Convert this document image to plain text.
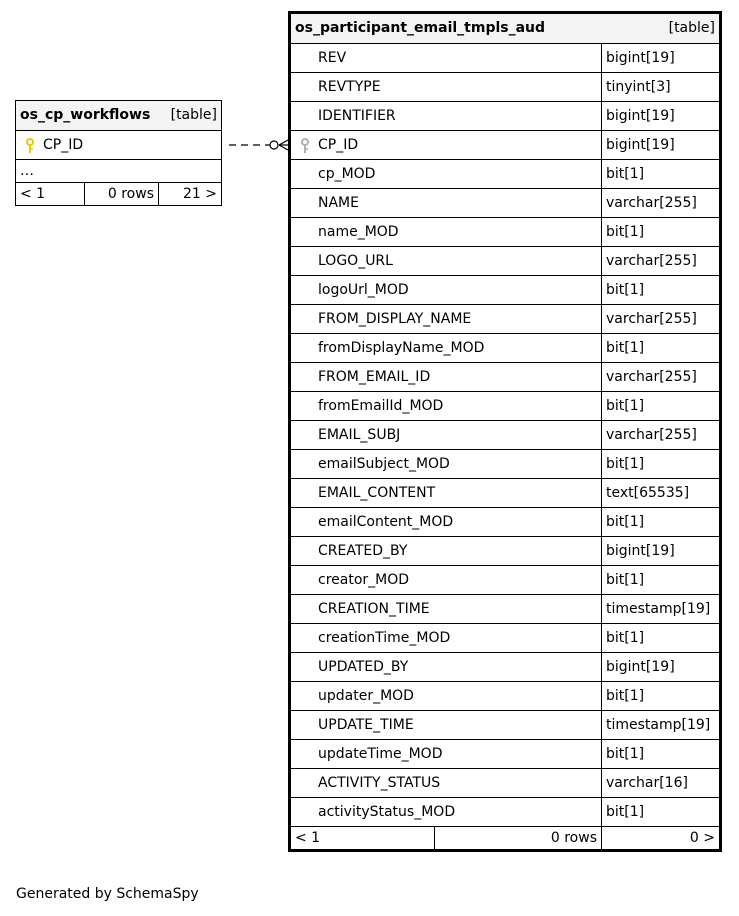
os_cp_workflows [table]

CP_ID
…
< 1	0 rows	21 >
os_participant_email_tmpls_aud [table]		

REV		bigint[19]
REVTYPE		tinyint[3]
IDENTIFIER		bigint[19]

CP_ID		bigint[19]
cp_MOD		bit[1]
NAME		varchar[255]
name_MOD		bit[1]
LOGO_URL		varchar[255]
logoUrl_MOD		bit[1]
FROM_DISPLAY_NAME		varchar[255]
fromDisplayName_MOD		bit[1]
FROM_EMAIL_ID		varchar[255]
fromEmailId_MOD		bit[1]
EMAIL_SUBJ		varchar[255]
emailSubject_MOD		bit[1]
EMAIL_CONTENT		text[65535]
emailContent_MOD		bit[1]
CREATED_BY		bigint[19]
creator_MOD		bit[1]
CREATION_TIME		timestamp[19]
creationTime_MOD		bit[1]
UPDATED_BY		bigint[19]
updater_MOD		bit[1]
UPDATE_TIME		timestamp[19]
updateTime_MOD		bit[1]
ACTIVITY_STATUS		varchar[16]
activityStatus_MOD		bit[1]
< 1	0 rows	0 >
Generated by SchemaSpy
